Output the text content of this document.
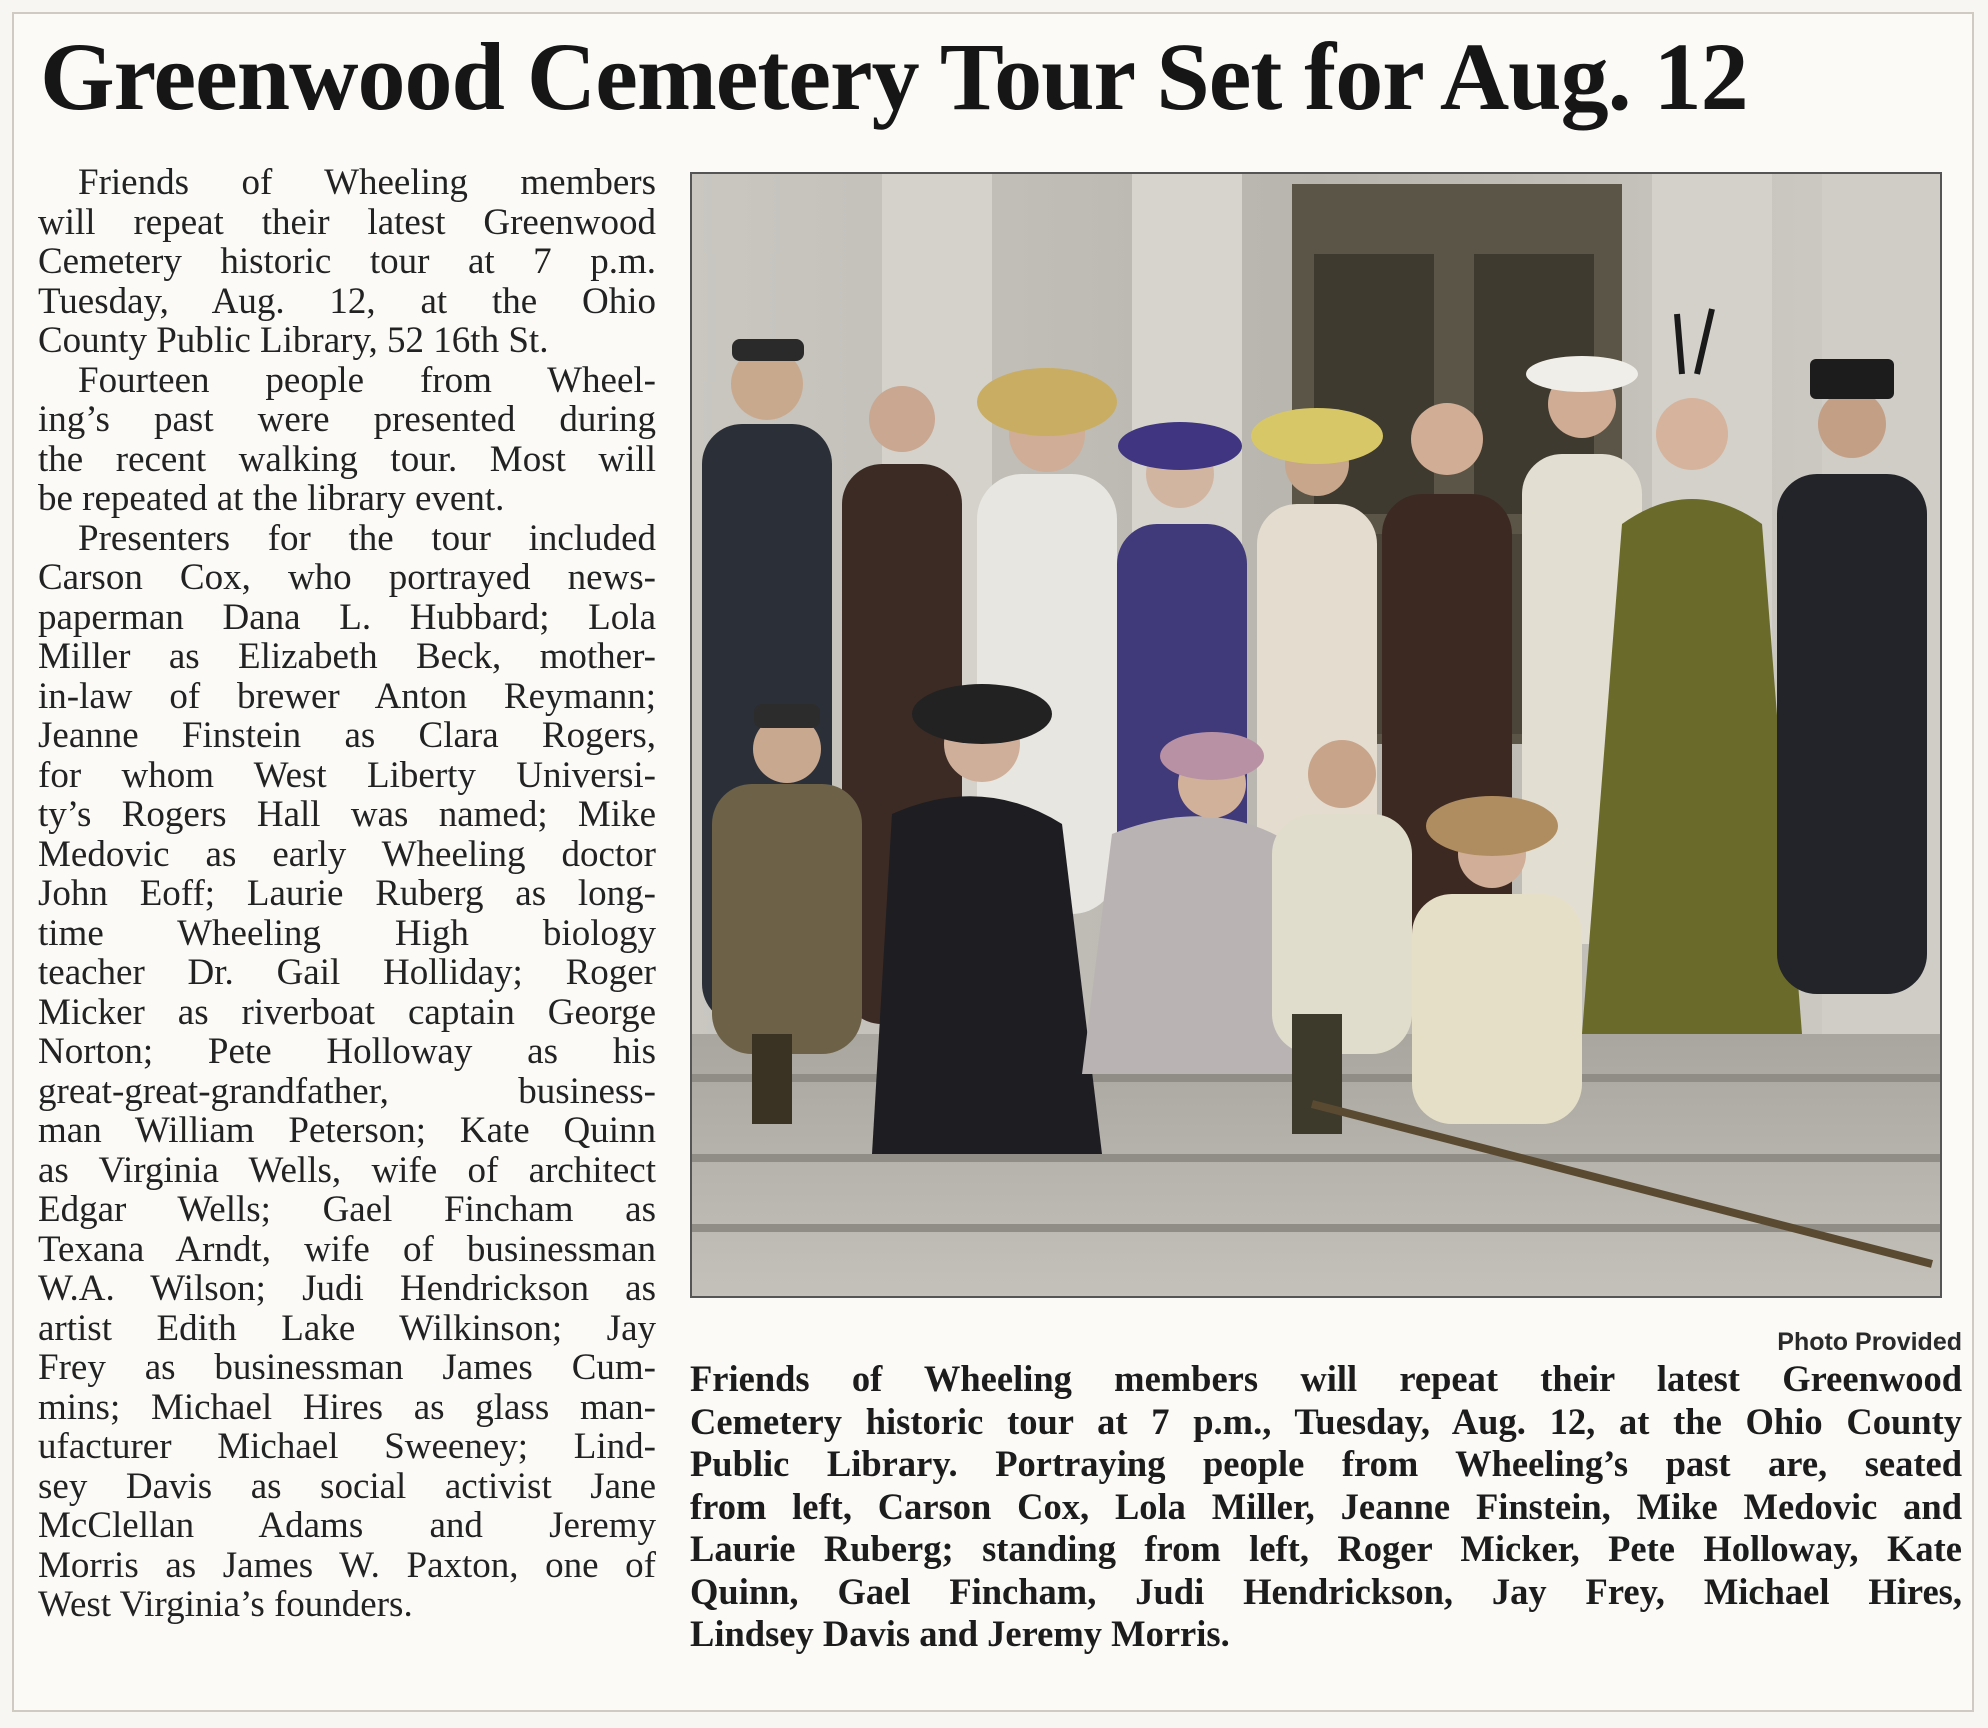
Greenwood Cemetery Tour Set for Aug. 12
Friends of Wheeling members
will repeat their latest Greenwood
Cemetery historic tour at 7 p.m.
Tuesday, Aug. 12, at the Ohio
County Public Library, 52 16th St.
Fourteen people from Wheel-
ing’s past were presented during
the recent walking tour. Most will
be repeated at the library event.
Presenters for the tour included
Carson Cox, who portrayed news-
paperman Dana L. Hubbard; Lola
Miller as Elizabeth Beck, mother-
in-law of brewer Anton Reymann;
Jeanne Finstein as Clara Rogers,
for whom West Liberty Universi-
ty’s Rogers Hall was named; Mike
Medovic as early Wheeling doctor
John Eoff; Laurie Ruberg as long-
time Wheeling High biology
teacher Dr. Gail Holliday; Roger
Micker as riverboat captain George
Norton; Pete Holloway as his
great-great-grandfather, business-
man William Peterson; Kate Quinn
as Virginia Wells, wife of architect
Edgar Wells; Gael Fincham as
Texana Arndt, wife of businessman
W.A. Wilson; Judi Hendrickson as
artist Edith Lake Wilkinson; Jay
Frey as businessman James Cum-
mins; Michael Hires as glass man-
ufacturer Michael Sweeney; Lind-
sey Davis as social activist Jane
McClellan Adams and Jeremy
Morris as James W. Paxton, one of
West Virginia’s founders.
Photo Provided
Friends of Wheeling members will repeat their latest Greenwood
Cemetery historic tour at 7 p.m., Tuesday, Aug. 12, at the Ohio County
Public Library. Portraying people from Wheeling’s past are, seated
from left, Carson Cox, Lola Miller, Jeanne Finstein, Mike Medovic and
Laurie Ruberg; standing from left, Roger Micker, Pete Holloway, Kate
Quinn, Gael Fincham, Judi Hendrickson, Jay Frey, Michael Hires,
Lindsey Davis and Jeremy Morris.
